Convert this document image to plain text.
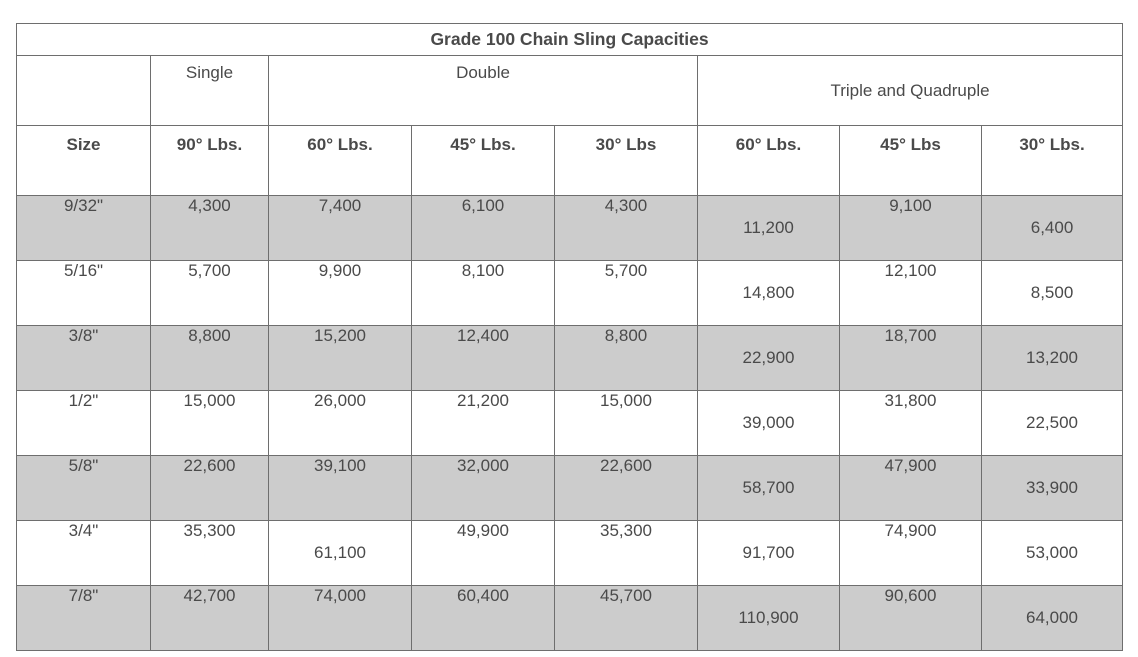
Grade 100 Chain Sling Capacities							
	Single	Double			Triple and Quadruple		
Size	90° Lbs.	60° Lbs.	45° Lbs.	30° Lbs	60° Lbs.	45° Lbs	30° Lbs.
9/32"	4,300	7,400	6,100	4,300	11,200	9,100	6,400
5/16"	5,700	9,900	8,100	5,700	14,800	12,100	8,500
3/8"	8,800	15,200	12,400	8,800	22,900	18,700	13,200
1/2"	15,000	26,000	21,200	15,000	39,000	31,800	22,500
5/8"	22,600	39,100	32,000	22,600	58,700	47,900	33,900
3/4"	35,300	61,100	49,900	35,300	91,700	74,900	53,000
7/8"	42,700	74,000	60,400	45,700	110,900	90,600	64,000
